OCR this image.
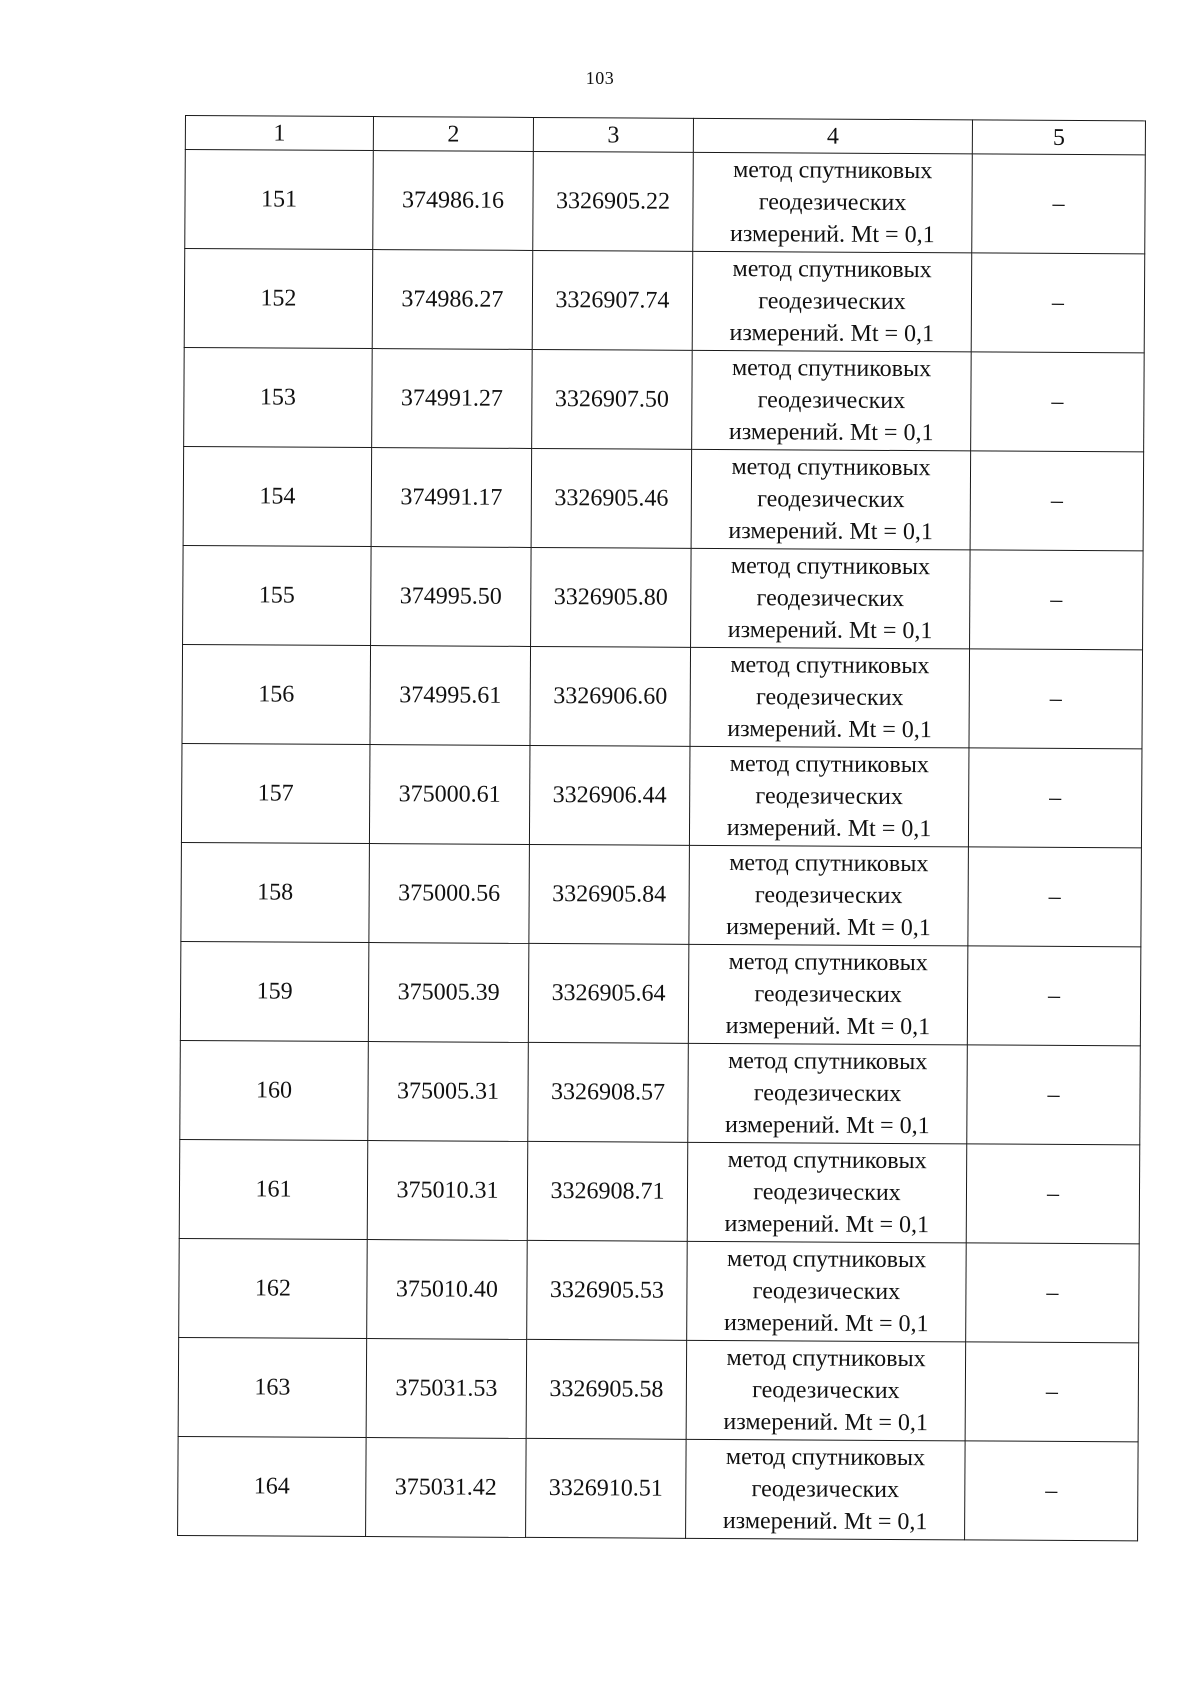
103
1	2	3	4	5
151	374986.16	3326905.22	метод спутниковых
геодезических
измерений. Mt = 0,1	–
152	374986.27	3326907.74	метод спутниковых
геодезических
измерений. Mt = 0,1	–
153	374991.27	3326907.50	метод спутниковых
геодезических
измерений. Mt = 0,1	–
154	374991.17	3326905.46	метод спутниковых
геодезических
измерений. Mt = 0,1	–
155	374995.50	3326905.80	метод спутниковых
геодезических
измерений. Mt = 0,1	–
156	374995.61	3326906.60	метод спутниковых
геодезических
измерений. Mt = 0,1	–
157	375000.61	3326906.44	метод спутниковых
геодезических
измерений. Mt = 0,1	–
158	375000.56	3326905.84	метод спутниковых
геодезических
измерений. Mt = 0,1	–
159	375005.39	3326905.64	метод спутниковых
геодезических
измерений. Mt = 0,1	–
160	375005.31	3326908.57	метод спутниковых
геодезических
измерений. Mt = 0,1	–
161	375010.31	3326908.71	метод спутниковых
геодезических
измерений. Mt = 0,1	–
162	375010.40	3326905.53	метод спутниковых
геодезических
измерений. Mt = 0,1	–
163	375031.53	3326905.58	метод спутниковых
геодезических
измерений. Mt = 0,1	–
164	375031.42	3326910.51	метод спутниковых
геодезических
измерений. Mt = 0,1	–
